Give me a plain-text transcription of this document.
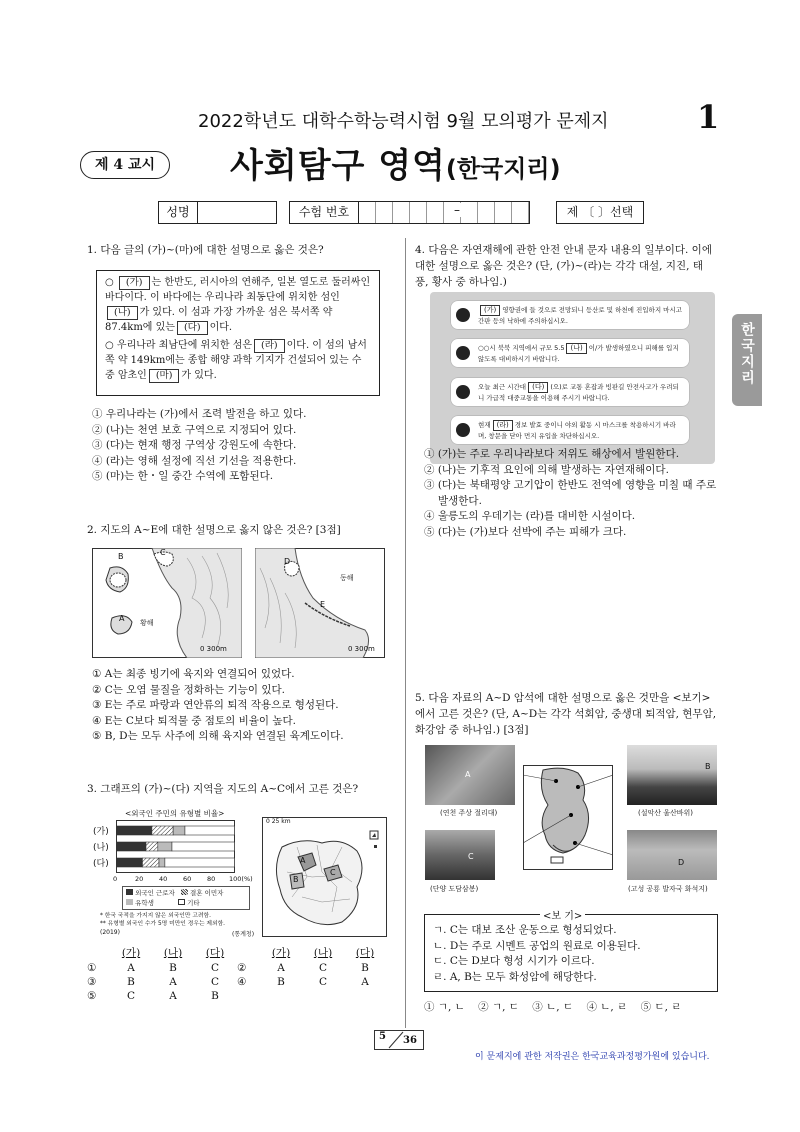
2022학년도 대학수학능력시험 9월 모의평가 문제지	1
제 4 교시	사회탐구 영역(한국지리)
성명	수험 번호	–	제 〔 〕선택
한국지리
1. 다음 글의 (가)~(마)에 대한 설명으로 옳은 것은?
○ (가) 는 한반도, 러시아의 연해주, 일본 열도로 둘러싸인 바다이다. 이 바다에는 우리나라 최동단에 위치한 섬인(나) 가 있다. 이 섬과 가장 가까운 섬은 북서쪽 약 87.4km에 있는 (다) 이다.
○ 우리나라 최남단에 위치한 섬은 (라) 이다. 이 섬의 남서쪽 약 149km에는 종합 해양 과학 기지가 건설되어 있는 수중 암초인 (마) 가 있다.
① 우리나라는 (가)에서 조력 발전을 하고 있다.
② (나)는 천연 보호 구역으로 지정되어 있다.
③ (다)는 현재 행정 구역상 강원도에 속한다.
④ (라)는 영해 설정에 직선 기선을 적용한다.
⑤ (마)는 한・일 중간 수역에 포함된다.
2. 지도의 A~E에 대한 설명으로 옳지 않은 것은? [3점]
A
B	C
황해
0 300m
D
E
동해
0 300m
① A는 최종 빙기에 육지와 연결되어 있었다.
② C는 오염 물질을 정화하는 기능이 있다.
③ E는 주로 파랑과 연안류의 퇴적 작용으로 형성된다.
④ E는 C보다 퇴적물 중 점토의 비율이 높다.
⑤ B, D는 모두 사주에 의해 육지와 연결된 육계도이다.
3. 그래프의 (가)~(다) 지역을 지도의 A~C에서 고른 것은?
<외국인 주민의 유형별 비율>
(가)
(나)
(다)
0	20 40 60 80 100(%)
외국인 근로자 결혼 이민자
유학생	기타
* 한국 국적을 가지지 않은 외국인만 고려함.
** 유형별 외국인 수가 5명 미만인 경우는 제외함.
(2019)	(통계청)
0 25 km
A
B
C
	(가)	(나)	(다)		(가)	(나)	(다)
①	A	B	C	②	A	C	B
③	B	A	C	④	B	C	A
⑤	C	A	B				
4. 다음은 자연재해에 관한 안전 안내 문자 내용의 일부이다. 이에 대한 설명으로 옳은 것은? (단, (가)~(라)는 각각 대설, 지진, 태풍, 황사 중 하나임.)
(가) 영향권에 들 것으로 전망되니 등산로 및 하천에 진입하지 마시고 간판 등의 낙하에 주의하십시오.
○○시 북북 지역에서 규모 5.5 (나) 이/가 발생하였으니 피해를 입지 않도록 대비하시기 바랍니다.
오늘 최근 시간대 (다) (으)로 교통 혼잡과 빙판길 안전사고가 우려되니 가급적 대중교통을 이용해 주시기 바랍니다.
현재 (라) 경보 발효 중이니 야외 활동 시 마스크를 착용하시기 바라며, 창문을 닫아 먼지 유입을 차단하십시오.
① (가)는 주로 우리나라보다 저위도 해상에서 발원한다.
② (나)는 기후적 요인에 의해 발생하는 자연재해이다.
③ (다)는 북태평양 고기압이 한반도 전역에 영향을 미칠 때 주로 발생한다.
④ 울릉도의 우데기는 (라)를 대비한 시설이다.
⑤ (다)는 (가)보다 선박에 주는 피해가 크다.
5. 다음 자료의 A~D 암석에 대한 설명으로 옳은 것만을 <보기>에서 고른 것은? (단, A~D는 각각 석회암, 중생대 퇴적암, 현무암, 화강암 중 하나임.) [3점]
A
B
C
D
(연천 주상 절리대)	(설악산 울산바위)
(단양 도담삼봉)	(고성 공룡 발자국 화석지)
<보 기>
ㄱ. C는 대보 조산 운동으로 형성되었다.
ㄴ. D는 주로 시멘트 공업의 원료로 이용된다.
ㄷ. C는 D보다 형성 시기가 이르다.
ㄹ. A, B는 모두 화성암에 해당한다.
① ㄱ, ㄴ    ② ㄱ, ㄷ    ③ ㄴ, ㄷ    ④ ㄴ, ㄹ    ⑤ ㄷ, ㄹ
5 36
이 문제지에 관한 저작권은 한국교육과정평가원에 있습니다.
